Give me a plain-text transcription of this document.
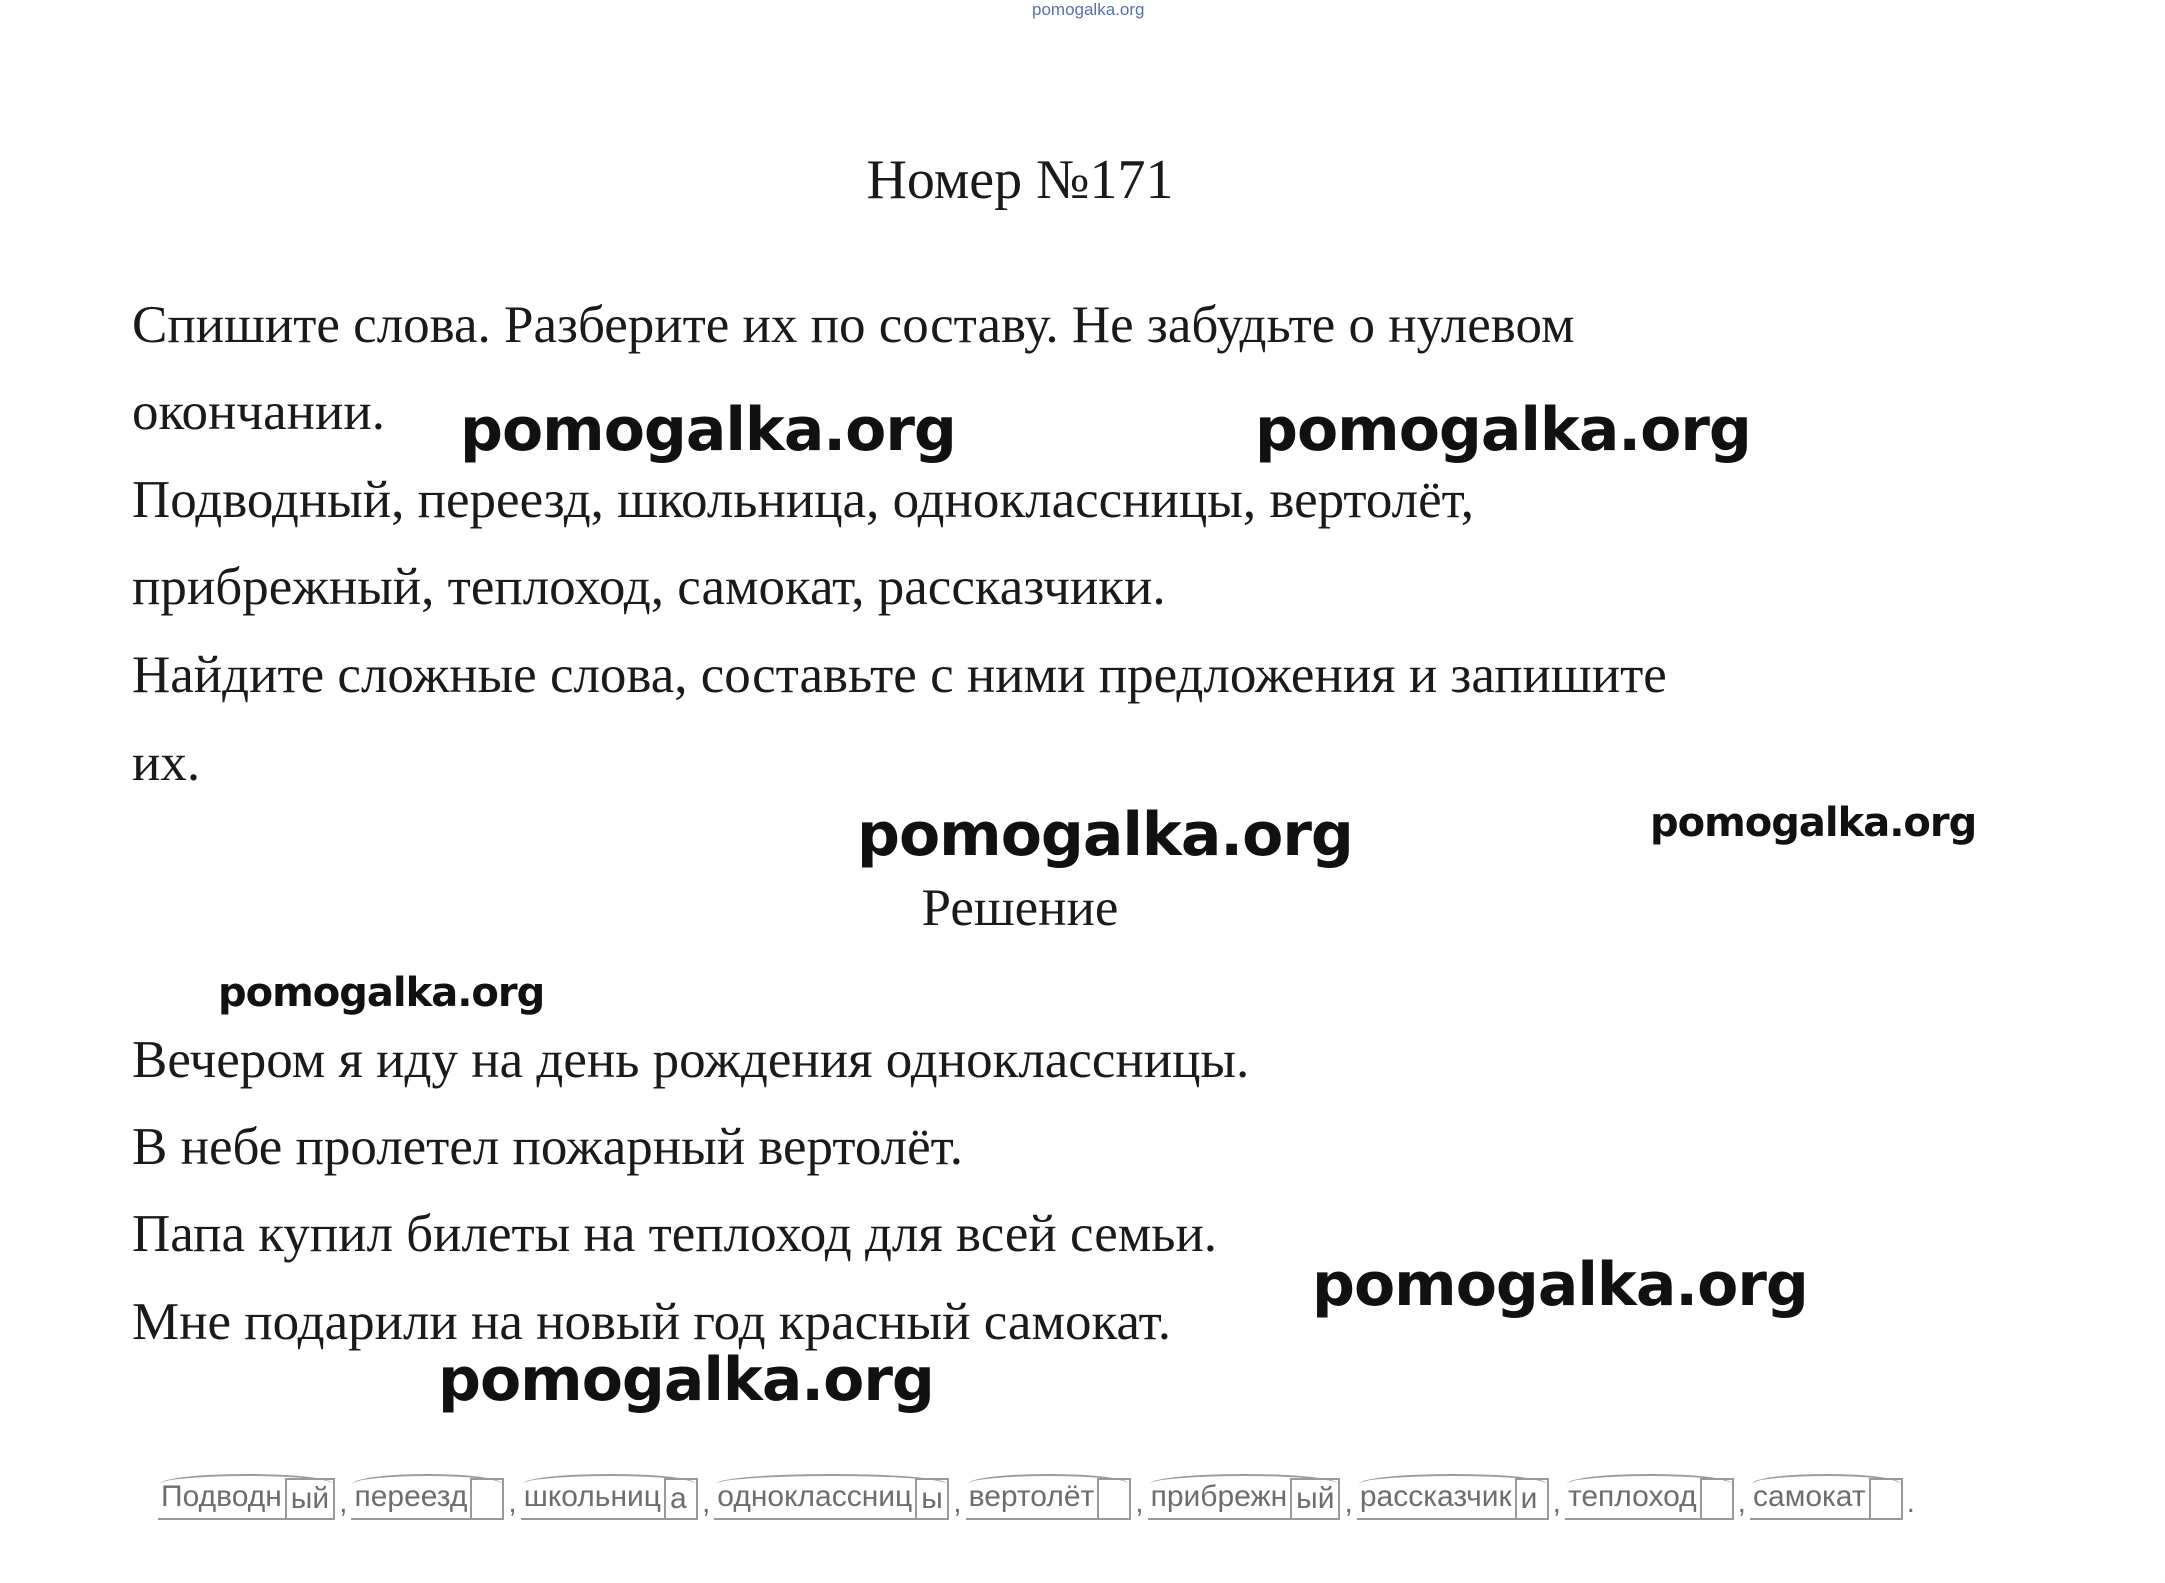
pomogalka.org
Номер №171
Спишите слова. Разберите их по составу. Не забудьте о нулевом
окончании.
Подводный, переезд, школьница, одноклассницы, вертолёт,
прибрежный, теплоход, самокат, рассказчики.
Найдите сложные слова, составьте с ними предложения и запишите
их.
Решение
Вечером я иду на день рождения одноклассницы.
В небе пролетел пожарный вертолёт.
Папа купил билеты на теплоход для всей семьи.
Мне подарили на новый год красный самокат.
pomogalka.org	pomogalka.org
pomogalka.org	pomogalka.org
pomogalka.org
pomogalka.org
pomogalka.org
Подводн ый , переезд , школьниц а , одноклассниц ы , вертолёт , прибрежн ый , рассказчик и , теплоход , самокат .
